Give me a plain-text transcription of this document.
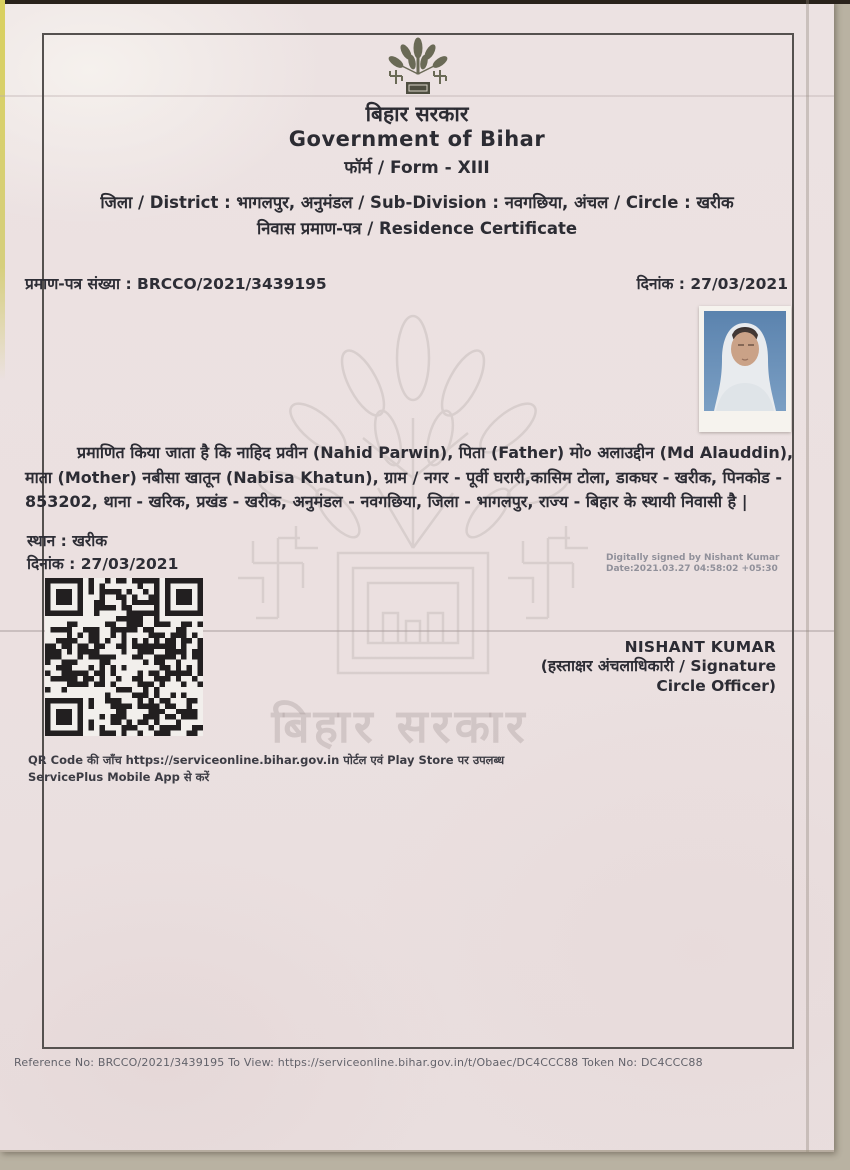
बिहार सरकार
बिहार सरकार
Government of Bihar
फॉर्म / Form - XIII
जिला / District : भागलपुर, अनुमंडल / Sub-Division : नवगछिया, अंचल / Circle : खरीक
निवास प्रमाण-पत्र / Residence Certificate
प्रमाण-पत्र संख्या : BRCCO/2021/3439195	दिनांक : 27/03/2021
प्रमाणित किया जाता है कि नाहिद प्रवीन (Nahid Parwin), पिता (Father) मो० अलाउद्दीन (Md Alauddin), माता (Mother) नबीसा खातून (Nabisa Khatun), ग्राम / नगर - पूर्वी घरारी,कासिम टोला, डाकघर - खरीक, पिनकोड - 853202, थाना - खरिक, प्रखंड - खरीक, अनुमंडल - नवगछिया, जिला - भागलपुर, राज्य - बिहार के स्थायी निवासी है |
स्थान : खरीक
दिनांक : 27/03/2021	Digitally signed by Nishant Kumar
Date:2021.03.27 04:58:02 +05:30
NISHANT KUMAR
(हस्ताक्षर अंचलाधिकारी / Signature Circle Officer)
QR Code की जाँच https://serviceonline.bihar.gov.in पोर्टल एवं Play Store पर उपलब्ध ServicePlus Mobile App से करें
Reference No: BRCCO/2021/3439195 To View: https://serviceonline.bihar.gov.in/t/Obaec/DC4CCC88 Token No: DC4CCC88
